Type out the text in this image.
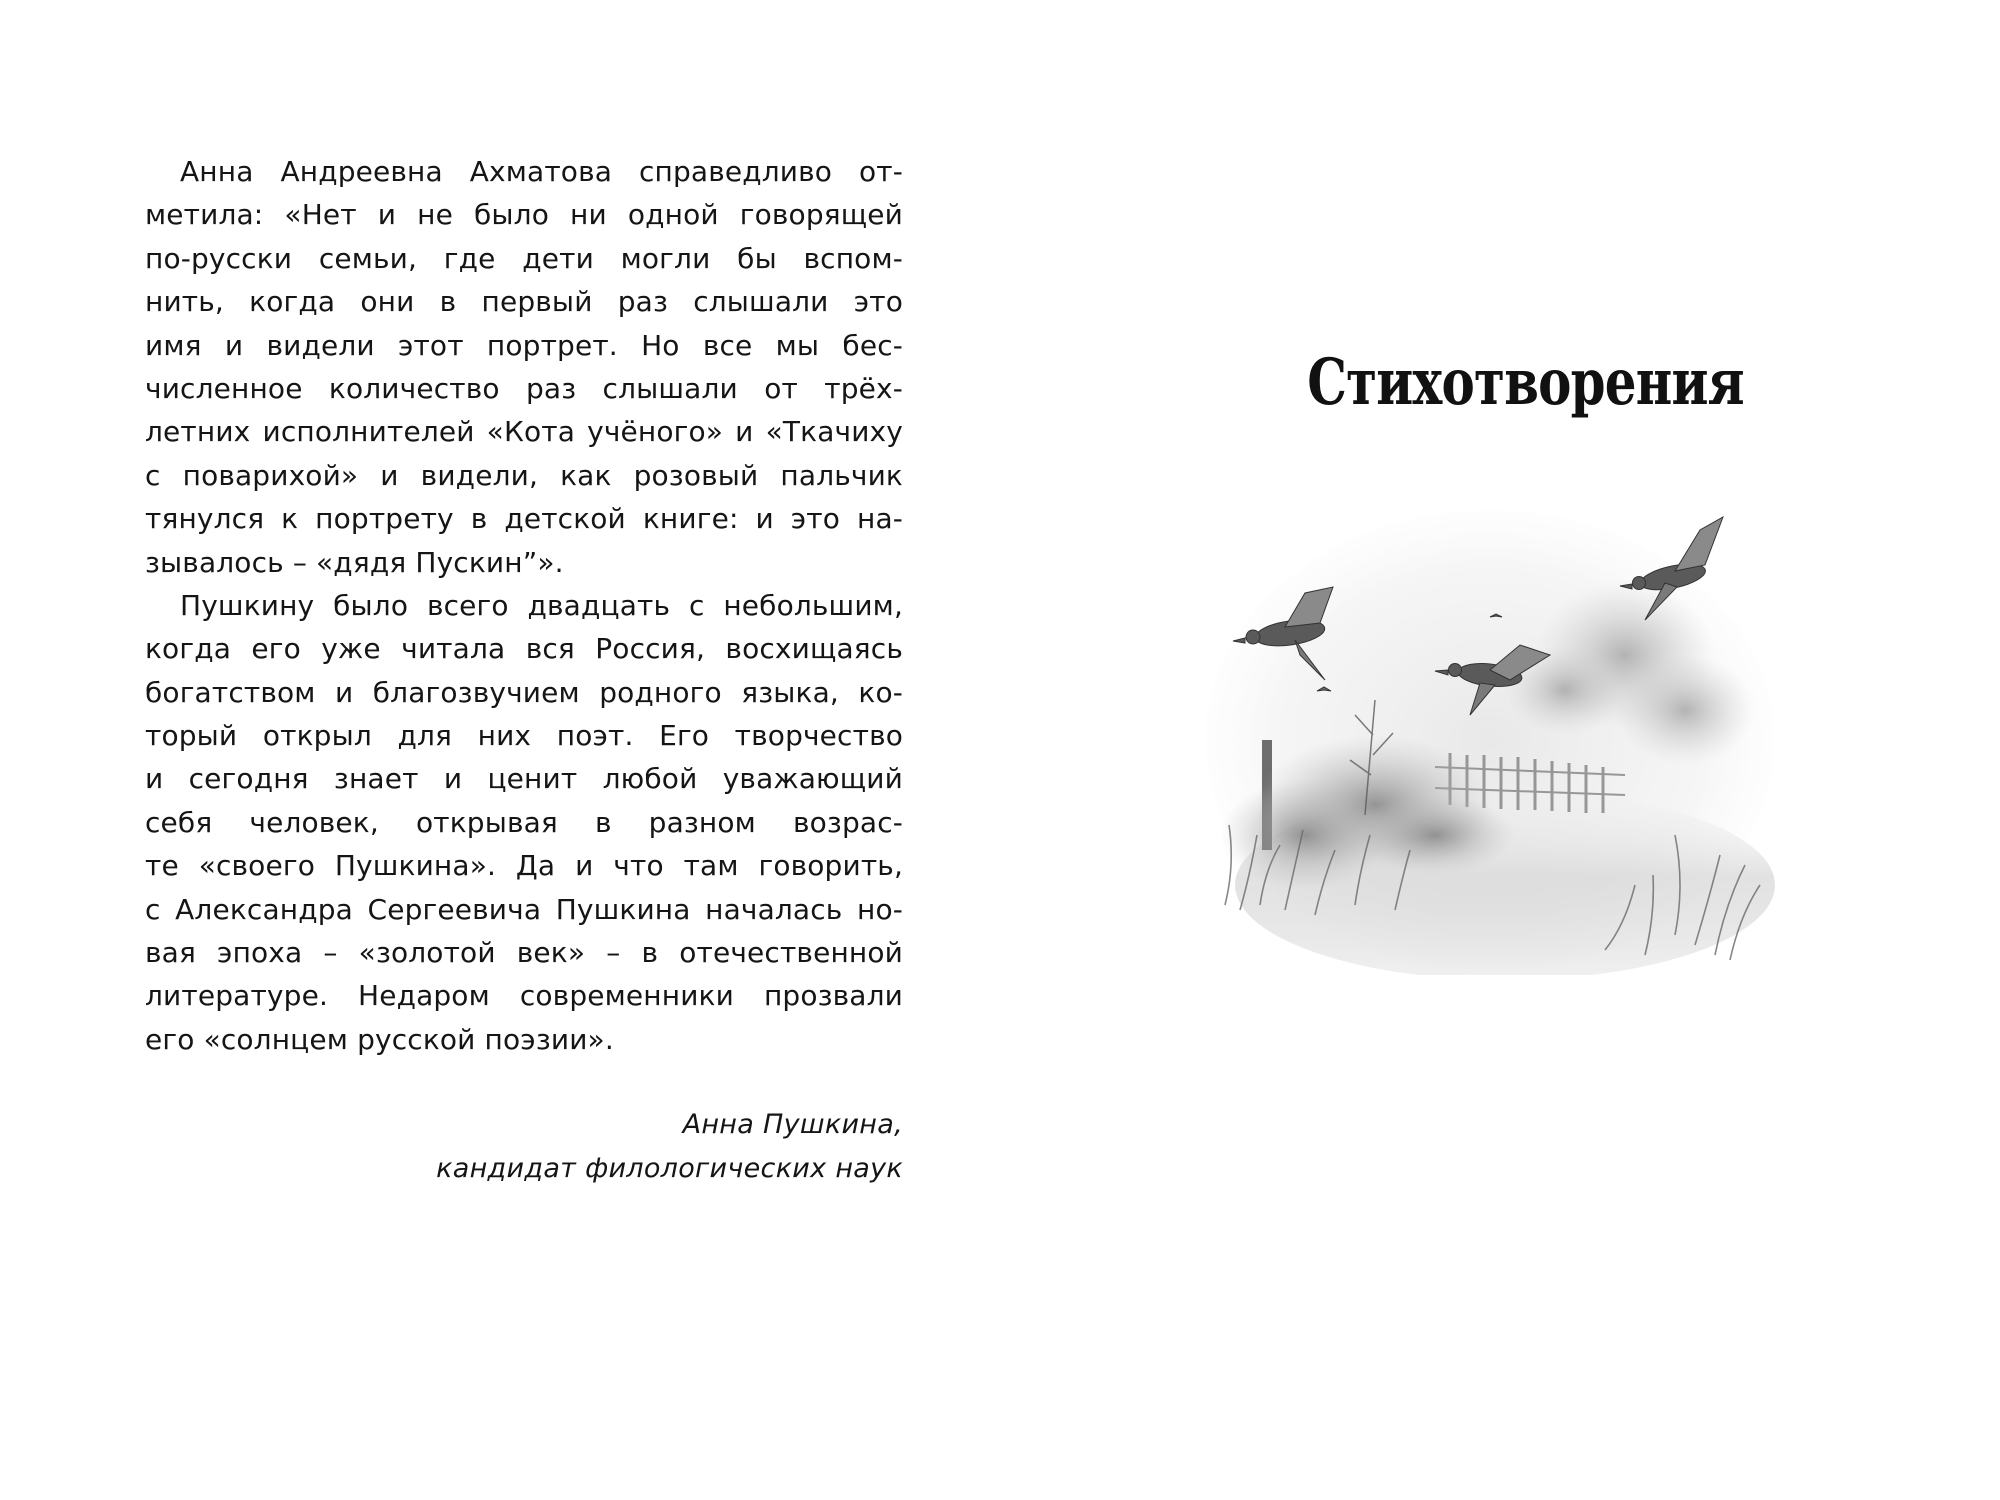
Анна Андреевна Ахматова справедливо от-
метила: «Нет и не было ни одной говорящей
по-русски семьи, где дети могли бы вспом-
нить, когда они в первый раз слышали это
имя и видели этот портрет. Но все мы бес-
численное количество раз слышали от трёх-
летних исполнителей «Кота учёного» и «Ткачиху
с поварихой» и видели, как розовый пальчик
тянулся к портрету в детской книге: и это на-
зывалось – «дядя Пускин”».

Пушкину было всего двадцать с небольшим,
когда его уже читала вся Россия, восхищаясь
богатством и благозвучием родного языка, ко-
торый открыл для них поэт. Его творчество
и сегодня знает и ценит любой уважающий
себя человек, открывая в разном возрас-
те «своего Пушкина». Да и что там говорить,
с Александра Сергеевича Пушкина началась но-
вая эпоха – «золотой век» – в отечественной
литературе. Недаром современники прозвали
его «солнцем русской поэзии».

Анна Пушкина,
кандидат филологических наук
Стихотворения
